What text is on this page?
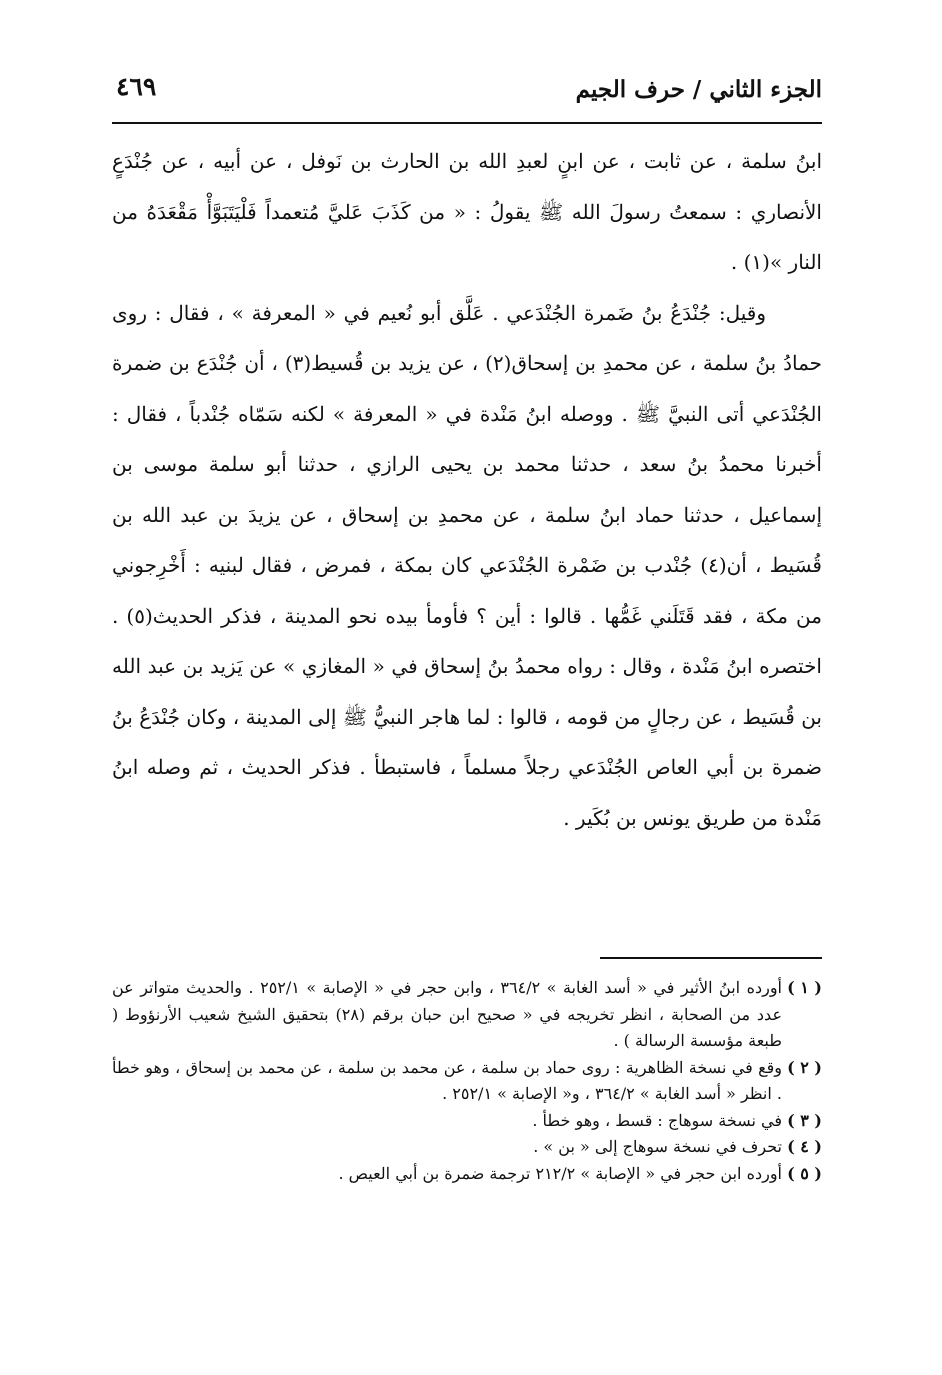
الجزء الثاني / حرف الجيم
٤٦٩

ابنُ سلمة ، عن ثابت ، عن ابنٍ لعبدِ الله بن الحارث بن نَوفل ، عن أبيه ، عن جُنْدَعٍ الأنصاري : سمعتُ رسولَ الله ﷺ يقولُ : « من كَذَبَ عَليَّ مُتعمداً فَلْيَتَبَوَّأْ مَقْعَدَهُ من النار »(١) .

وقيل: جُنْدَعُ بنُ ضَمرة الجُنْدَعي . عَلَّق أبو نُعيم في « المعرفة » ، فقال : روى حمادُ بنُ سلمة ، عن محمدِ بن إسحاق(٢) ، عن يزيد بن قُسيط(٣) ، أن جُنْدَع بن ضمرة الجُنْدَعي أتى النبيَّ ﷺ . ووصله ابنُ مَنْدة في « المعرفة » لكنه سَمّاه جُنْدباً ، فقال : أخبرنا محمدُ بنُ سعد ، حدثنا محمد بن يحيى الرازي ، حدثنا أبو سلمة موسى بن إسماعيل ، حدثنا حماد ابنُ سلمة ، عن محمدِ بن إسحاق ، عن يزيدَ بن عبد الله بن قُسَيط ، أن(٤) جُنْدب بن ضَمْرة الجُنْدَعي كان بمكة ، فمرض ، فقال لبنيه : أَخْرِجوني من مكة ، فقد قَتَلَني غَمُّها . قالوا : أين ؟ فأومأ بيده نحو المدينة ، فذكر الحديث(٥) . اختصره ابنُ مَنْدة ، وقال : رواه محمدُ بنُ إسحاق في « المغازي » عن يَزيد بن عبد الله بن قُسَيط ، عن رجالٍ من قومه ، قالوا : لما هاجر النبيُّ ﷺ إلى المدينة ، وكان جُنْدَعُ بنُ ضمرة بن أبي العاص الجُنْدَعي رجلاً مسلماً ، فاستبطأ . فذكر الحديث ، ثم وصله ابنُ مَنْدة من طريق يونس بن بُكَير .

( ١ )
أورده ابنُ الأثير في « أسد الغابة » ٣٦٤/٢ ، وابن حجر في « الإصابة » ٢٥٢/١ . والحديث متواتر عن عدد من الصحابة ، انظر تخريجه في « صحيح ابن حبان برقم (٢٨) بتحقيق الشيخ شعيب الأرنؤوط ( طبعة مؤسسة الرسالة ) .
( ٢ )
وقع في نسخة الظاهرية : روى حماد بن سلمة ، عن محمد بن سلمة ، عن محمد بن إسحاق ، وهو خطأ . انظر « أسد الغابة » ٣٦٤/٢ ، و« الإصابة » ٢٥٢/١ .
( ٣ )
في نسخة سوهاج : قسط ، وهو خطأ .
( ٤ )
تحرف في نسخة سوهاج إلى « بن » .
( ٥ )
أورده ابن حجر في « الإصابة » ٢١٢/٢ ترجمة ضمرة بن أبي العيص .
